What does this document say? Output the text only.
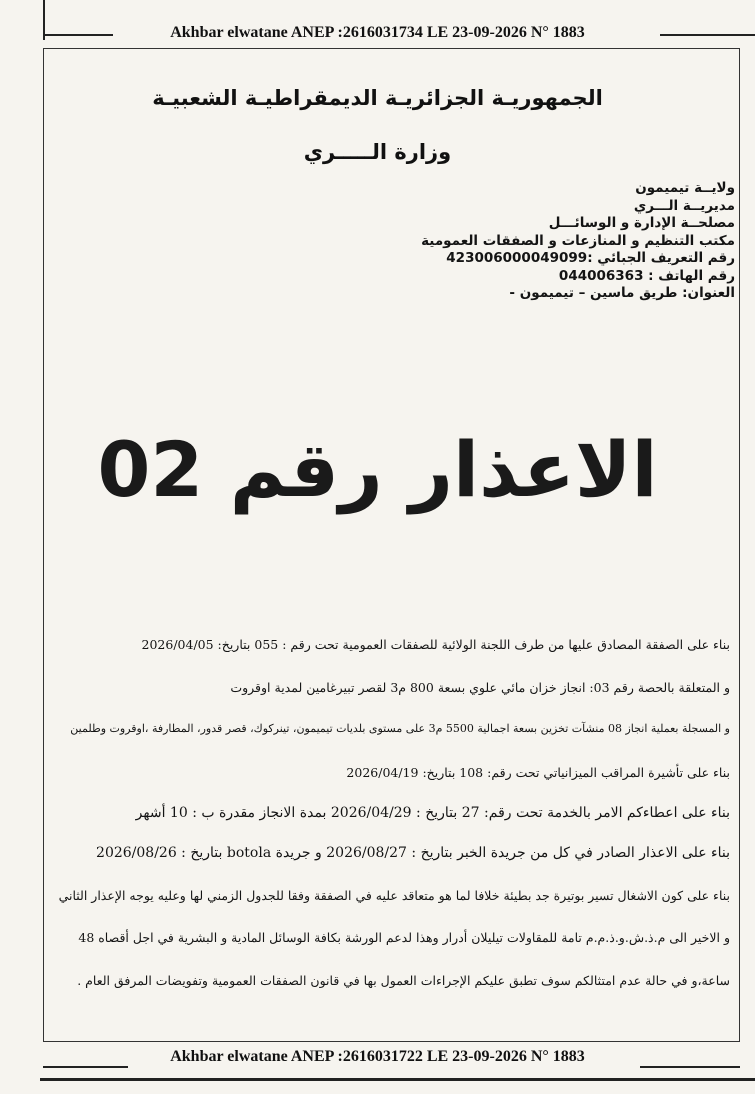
Akhbar elwatane ANEP :2616031734 LE 23-09-2026 N° 1883
الجمهوريـة الجزائريـة الديمقراطيـة الشعبيـة
وزارة الـــــري
ولايــة تيميمون
مديريــة الـــري
مصلحــة الإدارة و الوسائـــل
مكتب التنظيم و المنازعات و الصفقات العمومية
رقم التعريف الجبائي :423006000049099
رقم الهاتف : 044006363
العنوان: طريق ماسين – تيميمون -
الاعذار رقم 02
بناء على الصفقة المصادق عليها من طرف اللجنة الولائية للصفقات العمومية تحت رقم : 055 بتاريخ: 2026/04/05
و المتعلقة بالحصة رقم 03: انجاز خزان مائي علوي بسعة 800 م3 لقصر تبيرغامين لمدية اوقروت
و المسجلة بعملية انجاز 08 منشآت تخزين بسعة اجمالية 5500 م3 على مستوى بلديات تيميمون، تينركوك، قصر قدور، المطارفة ،اوقروت وطلمين
بناء على تأشيرة المراقب الميزانياتي تحت رقم: 108 بتاريخ: 2026/04/19
بناء على اعطاءكم الامر بالخدمة تحت رقم: 27 بتاريخ : 2026/04/29 بمدة الانجاز مقدرة ب : 10 أشهر
بناء على الاعذار الصادر في كل من جريدة الخبر بتاريخ : 2026/08/27 و جريدة botola بتاريخ : 2026/08/26
بناء على كون الاشغال تسير بوتيرة جد بطيئة خلافا لما هو متعاقد عليه في الصفقة وفقا للجدول الزمني لها وعليه يوجه الإعذار الثاني
و الاخير الى م.ذ.ش.و.ذ.م.م تامة للمقاولات تيليلان أدرار وهذا لدعم الورشة بكافة الوسائل المادية و البشرية في اجل أقصاه 48
ساعة،و في حالة عدم امتثالكم سوف تطبق عليكم الإجراءات العمول بها في قانون الصفقات العمومية وتفويضات المرفق العام .
Akhbar elwatane ANEP :2616031722 LE 23-09-2026 N° 1883
